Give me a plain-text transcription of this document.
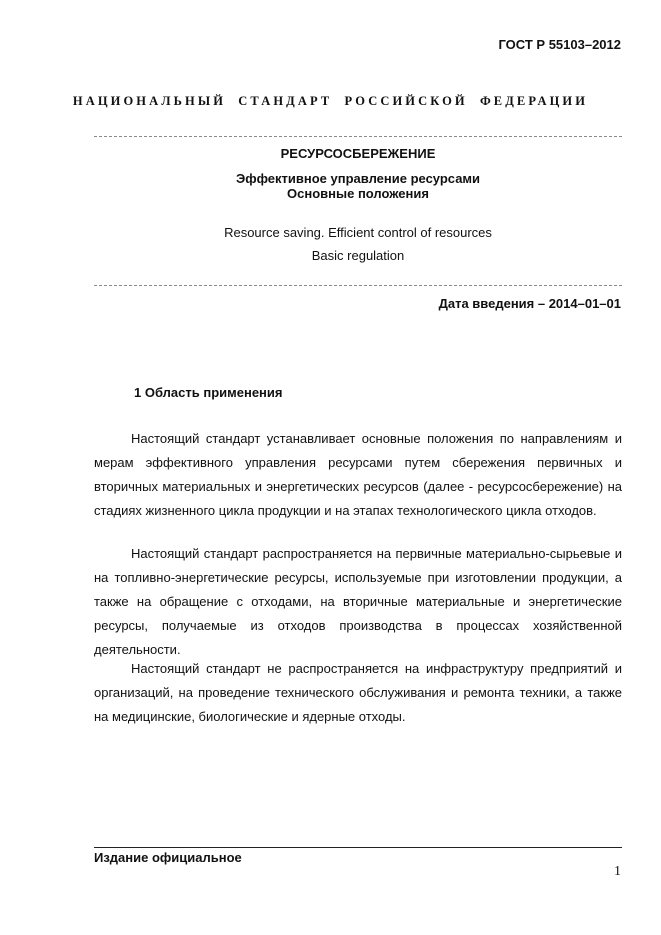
ГОСТ Р 55103–2012
НАЦИОНАЛЬНЫЙ СТАНДАРТ РОССИЙСКОЙ ФЕДЕРАЦИИ
РЕСУРСОСБЕРЕЖЕНИЕ
Эффективное управление ресурсами
Основные положения
Resource saving. Efficient control of resources
Basic regulation
Дата введения – 2014–01–01
1 Область применения

Настоящий стандарт устанавливает основные положения по направлениям и мерам эффективного управления ресурсами путем сбережения первичных и вторичных материальных и энергетических ресурсов (далее - ресурсосбережение) на стадиях жизненного цикла продукции и на этапах технологического цикла отходов.

Настоящий стандарт распространяется на первичные материально-сырьевые и на топливно-энергетические ресурсы, используемые при изготовлении продукции, а также на обращение с отходами, на вторичные материальные и энергетические ресурсы, получаемые из отходов производства в процессах хозяйственной деятельности.

Настоящий стандарт не распространяется на инфраструктуру предприятий и организаций, на проведение технического обслуживания и ремонта техники, а также на медицинские, биологические и ядерные отходы.

Издание официальное
1
